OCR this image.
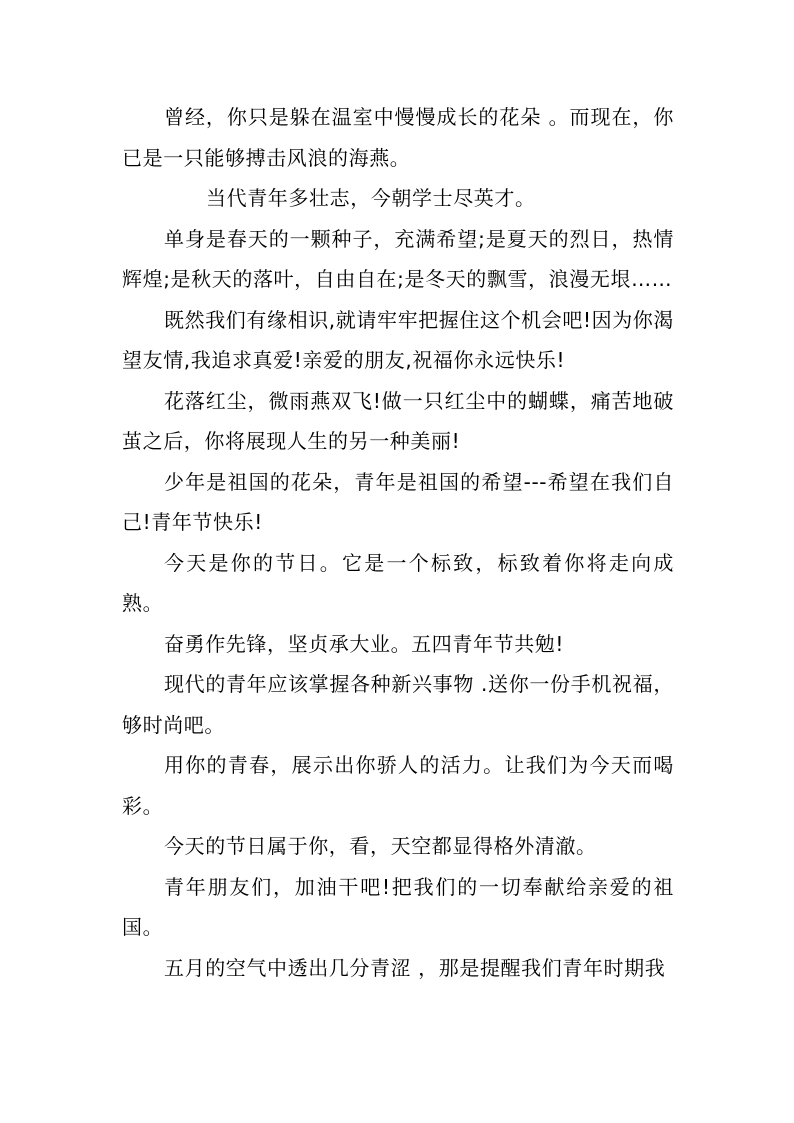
曾经，你只是躲在温室中慢慢成长的花朵 。而现在，你已是一只能够搏击风浪的海燕。

当代青年多壮志，今朝学士尽英才。

单身是春天的一颗种子，充满希望;是夏天的烈日，热情辉煌;是秋天的落叶，自由自在;是冬天的飘雪，浪漫无垠……

既然我们有缘相识,就请牢牢把握住这个机会吧!因为你渴望友情,我追求真爱!亲爱的朋友,祝福你永远快乐!

花落红尘，微雨燕双飞!做一只红尘中的蝴蝶，痛苦地破茧之后，你将展现人生的另一种美丽!

少年是祖国的花朵，青年是祖国的希望---希望在我们自己!青年节快乐!

今天是你的节日。它是一个标致，标致着你将走向成熟。

奋勇作先锋，坚贞承大业。五四青年节共勉!

现代的青年应该掌握各种新兴事物 .送你一份手机祝福，够时尚吧。

用你的青春，展示出你骄人的活力。让我们为今天而喝彩。

今天的节日属于你，看，天空都显得格外清澈。

青年朋友们，加油干吧!把我们的一切奉献给亲爱的祖国。

五月的空气中透出几分青涩 ，那是提醒我们青年时期我
